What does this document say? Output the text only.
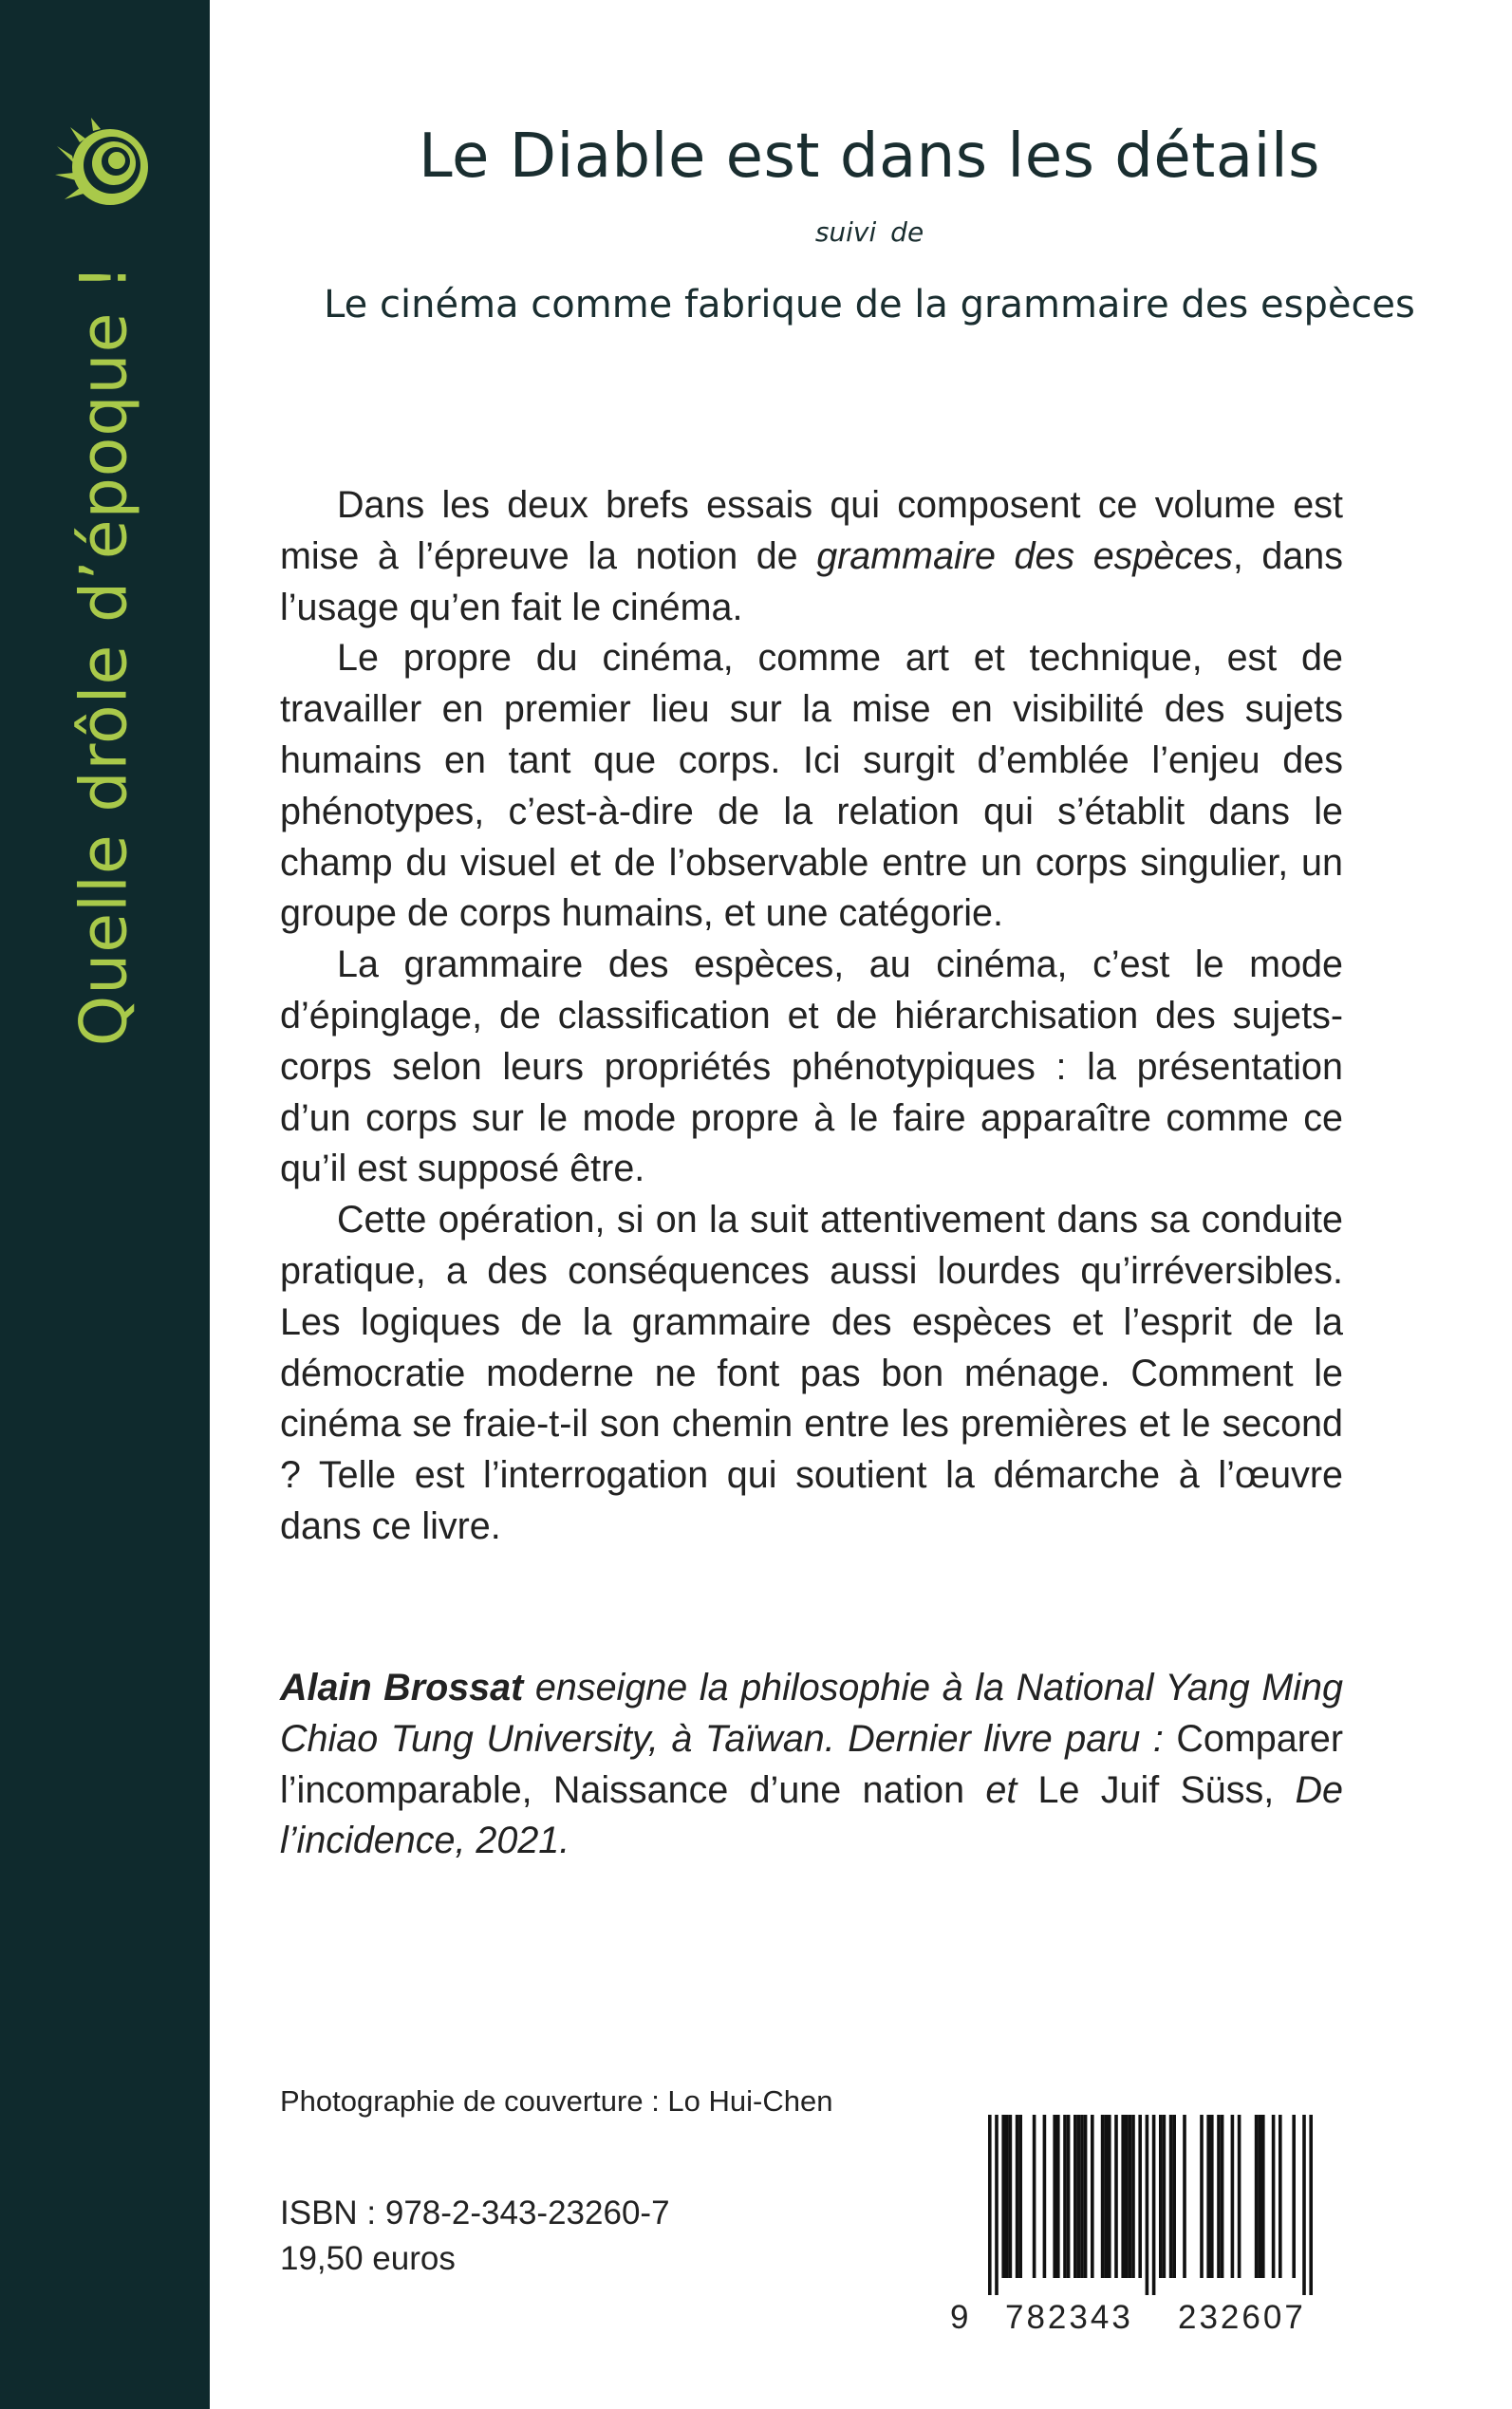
Quelle drôle d’époque !
Le Diable est dans les détails
suivi de
Le cinéma comme fabrique de la grammaire des espèces

Dans les deux brefs essais qui composent ce volume est mise à l’épreuve la notion de grammaire des espèces, dans l’usage qu’en fait le cinéma.

Le propre du cinéma, comme art et technique, est de travailler en premier lieu sur la mise en visibilité des sujets humains en tant que corps. Ici surgit d’emblée l’enjeu des phénotypes, c’est-à-dire de la relation qui s’établit dans le champ du visuel et de l’observable entre un corps singulier, un groupe de corps humains, et une catégorie.

La grammaire des espèces, au cinéma, c’est le mode d’épinglage, de classification et de hiérarchisation des sujets-corps selon leurs propriétés phénotypiques : la présentation d’un corps sur le mode propre à le faire apparaître comme ce qu’il est supposé être.

Cette opération, si on la suit attentivement dans sa conduite pratique, a des conséquences aussi lourdes qu’irréversibles. Les logiques de la grammaire des espèces et l’esprit de la démocratie moderne ne font pas bon ménage. Comment le cinéma se fraie-t-il son chemin entre les premières et le second ? Telle est l’interrogation qui soutient la démarche à l’œuvre dans ce livre.

Alain Brossat enseigne la philosophie à la National Yang Ming Chiao Tung University, à Taïwan. Dernier livre paru : Comparer l’incomparable, Naissance d’une nation et Le Juif Süss, De l’incidence, 2021.
Photographie de couverture : Lo Hui-Chen
ISBN : 978-2-343-23260-7
19,50 euros
9 782343 232607
